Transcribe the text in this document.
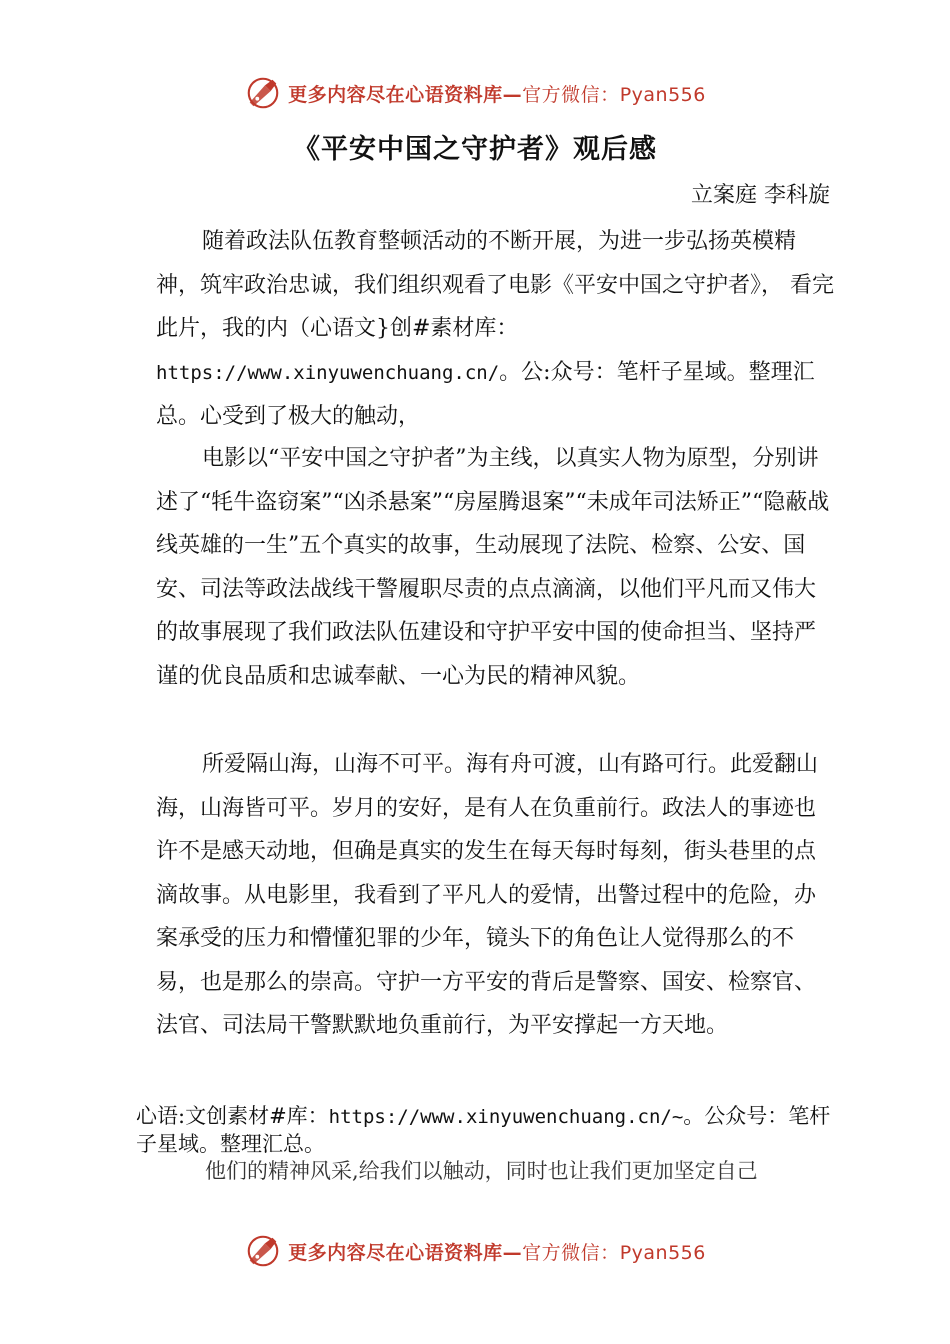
更多内容尽在心语资料库—官方微信：Pyan556
《平安中国之守护者》观后感
立案庭 李科旋

随着政法队伍教育整顿活动的不断开展，为进一步弘扬英模精神，筑牢政治忠诚，我们组织观看了电影《平安中国之守护者》， 看完此片，我的内（心语文}创#素材库：https://www.xinyuwenchuang.cn/。公:众号：笔杆子星域。整理汇总。心受到了极大的触动，

电影以“平安中国之守护者”为主线，以真实人物为原型，分别讲述了“牦牛盗窃案”“凶杀悬案”“房屋腾退案”“未成年司法矫正”“隐蔽战线英雄的一生”五个真实的故事，生动展现了法院、检察、公安、国安、司法等政法战线干警履职尽责的点点滴滴，以他们平凡而又伟大的故事展现了我们政法队伍建设和守护平安中国的使命担当、坚持严谨的优良品质和忠诚奉献、一心为民的精神风貌。

所爱隔山海，山海不可平。海有舟可渡，山有路可行。此爱翻山海，山海皆可平。岁月的安好，是有人在负重前行。政法人的事迹也许不是感天动地，但确是真实的发生在每天每时每刻，街头巷里的点滴故事。从电影里，我看到了平凡人的爱情，出警过程中的危险，办案承受的压力和懵懂犯罪的少年，镜头下的角色让人觉得那么的不易，也是那么的崇高。守护一方平安的背后是警察、国安、检察官、法官、司法局干警默默地负重前行，为平安撑起一方天地。

心语:文创素材#库：https://www.xinyuwenchuang.cn/~。公众号：笔杆子星域。整理汇总。
他们的精神风采,给我们以触动，同时也让我们更加坚定自己
更多内容尽在心语资料库—官方微信：Pyan556
